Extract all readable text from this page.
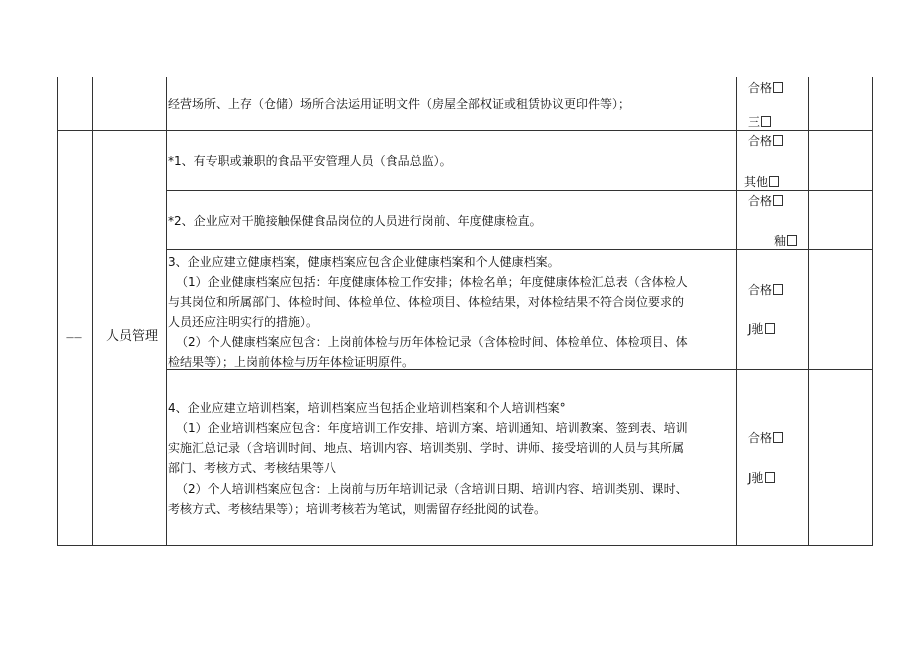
经营场所、上存（仓储）场所合法运用证明文件（房屋全部权证或租赁协议更印件等）；
合格
三
—— 人员管理
*1、有专职或兼职的食品平安管理人员（食品总监）。
合格
其他
*2、企业应对干脆接触保健食品岗位的人员进行岗前、年度健康检直。
合格
釉
3、企业应建立健康档案，健康档案应包含企业健康档案和个人健康档案。
（1）企业健康档案应包括：年度健康体检工作安排；体检名单；年度健康体检汇总表（含体检人
与其岗位和所属部门、体检时间、体检单位、体检项目、体检结果，对体检结果不符合岗位要求的
人员还应注明实行的措施）。
（2）个人健康档案应包含：上岗前体检与历年体检记录（含体检时间、体检单位、体检项目、体
检结果等）；上岗前体检与历年体检证明原件。
合格
J驰
4、企业应建立培训档案，培训档案应当包括企业培训档案和个人培训档案°
（1）企业培训档案应包含：年度培训工作安排、培训方案、培训通知、培训教案、签到表、培训
实施汇总记录（含培训时间、地点、培训内容、培训类别、学时、讲师、接受培训的人员与其所属
部门、考核方式、考核结果等八
（2）个人培训档案应包含：上岗前与历年培训记录（含培训日期、培训内容、培训类别、课时、
考核方式、考核结果等）；培训考核若为笔试，则需留存经批阅的试卷。
合格
J驰
